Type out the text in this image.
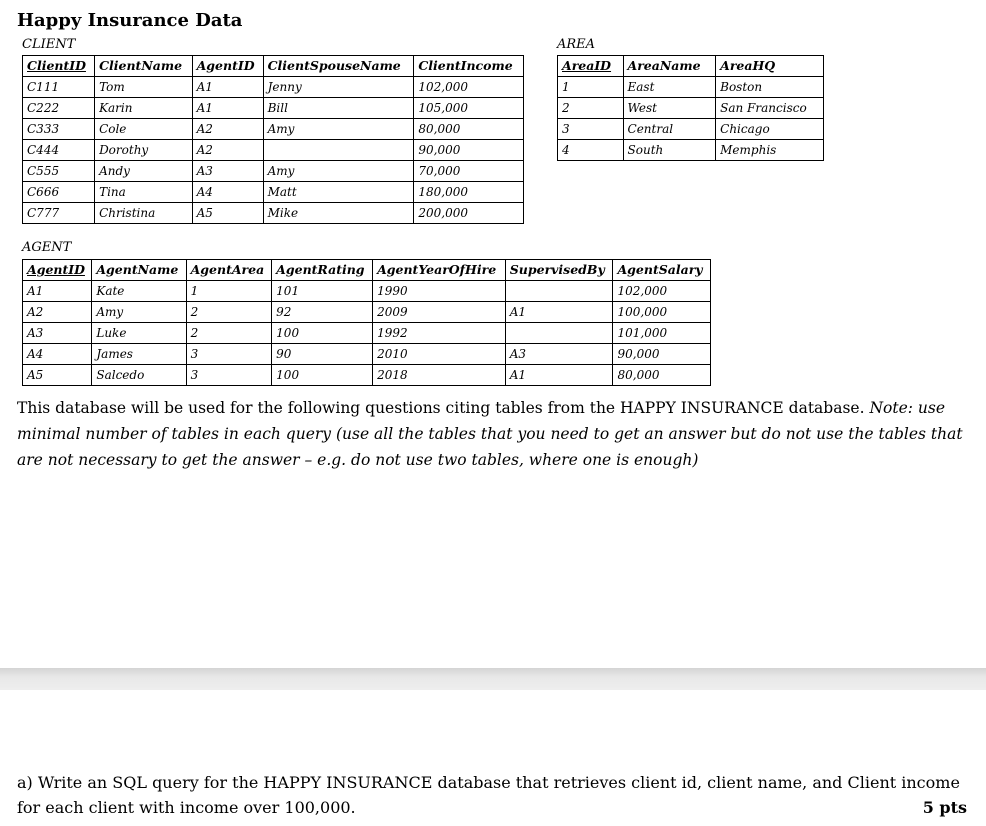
Happy Insurance Data
CLIENT
ClientID	ClientName	AgentID	ClientSpouseName	ClientIncome
C111	Tom	A1	Jenny	102,000
C222	Karin	A1	Bill	105,000
C333	Cole	A2	Amy	80,000
C444	Dorothy	A2		90,000
C555	Andy	A3	Amy	70,000
C666	Tina	A4	Matt	180,000
C777	Christina	A5	Mike	200,000
AREA
AreaID	AreaName	AreaHQ
1	East	Boston
2	West	San Francisco
3	Central	Chicago
4	South	Memphis
AGENT
AgentID	AgentName	AgentArea	AgentRating	AgentYearOfHire	SupervisedBy	AgentSalary
A1	Kate	1	101	1990		102,000
A2	Amy	2	92	2009	A1	100,000
A3	Luke	2	100	1992		101,000
A4	James	3	90	2010	A3	90,000
A5	Salcedo	3	100	2018	A1	80,000
This database will be used for the following questions citing tables from the HAPPY INSURANCE database. Note: use minimal number of tables in each query (use all the tables that you need to get an answer but do not use the tables that are not necessary to get the answer – e.g. do not use two tables, where one is enough)
a) Write an SQL query for the HAPPY INSURANCE database that retrieves client id, client name, and Client income for each client with income over 100,000.	5 pts
